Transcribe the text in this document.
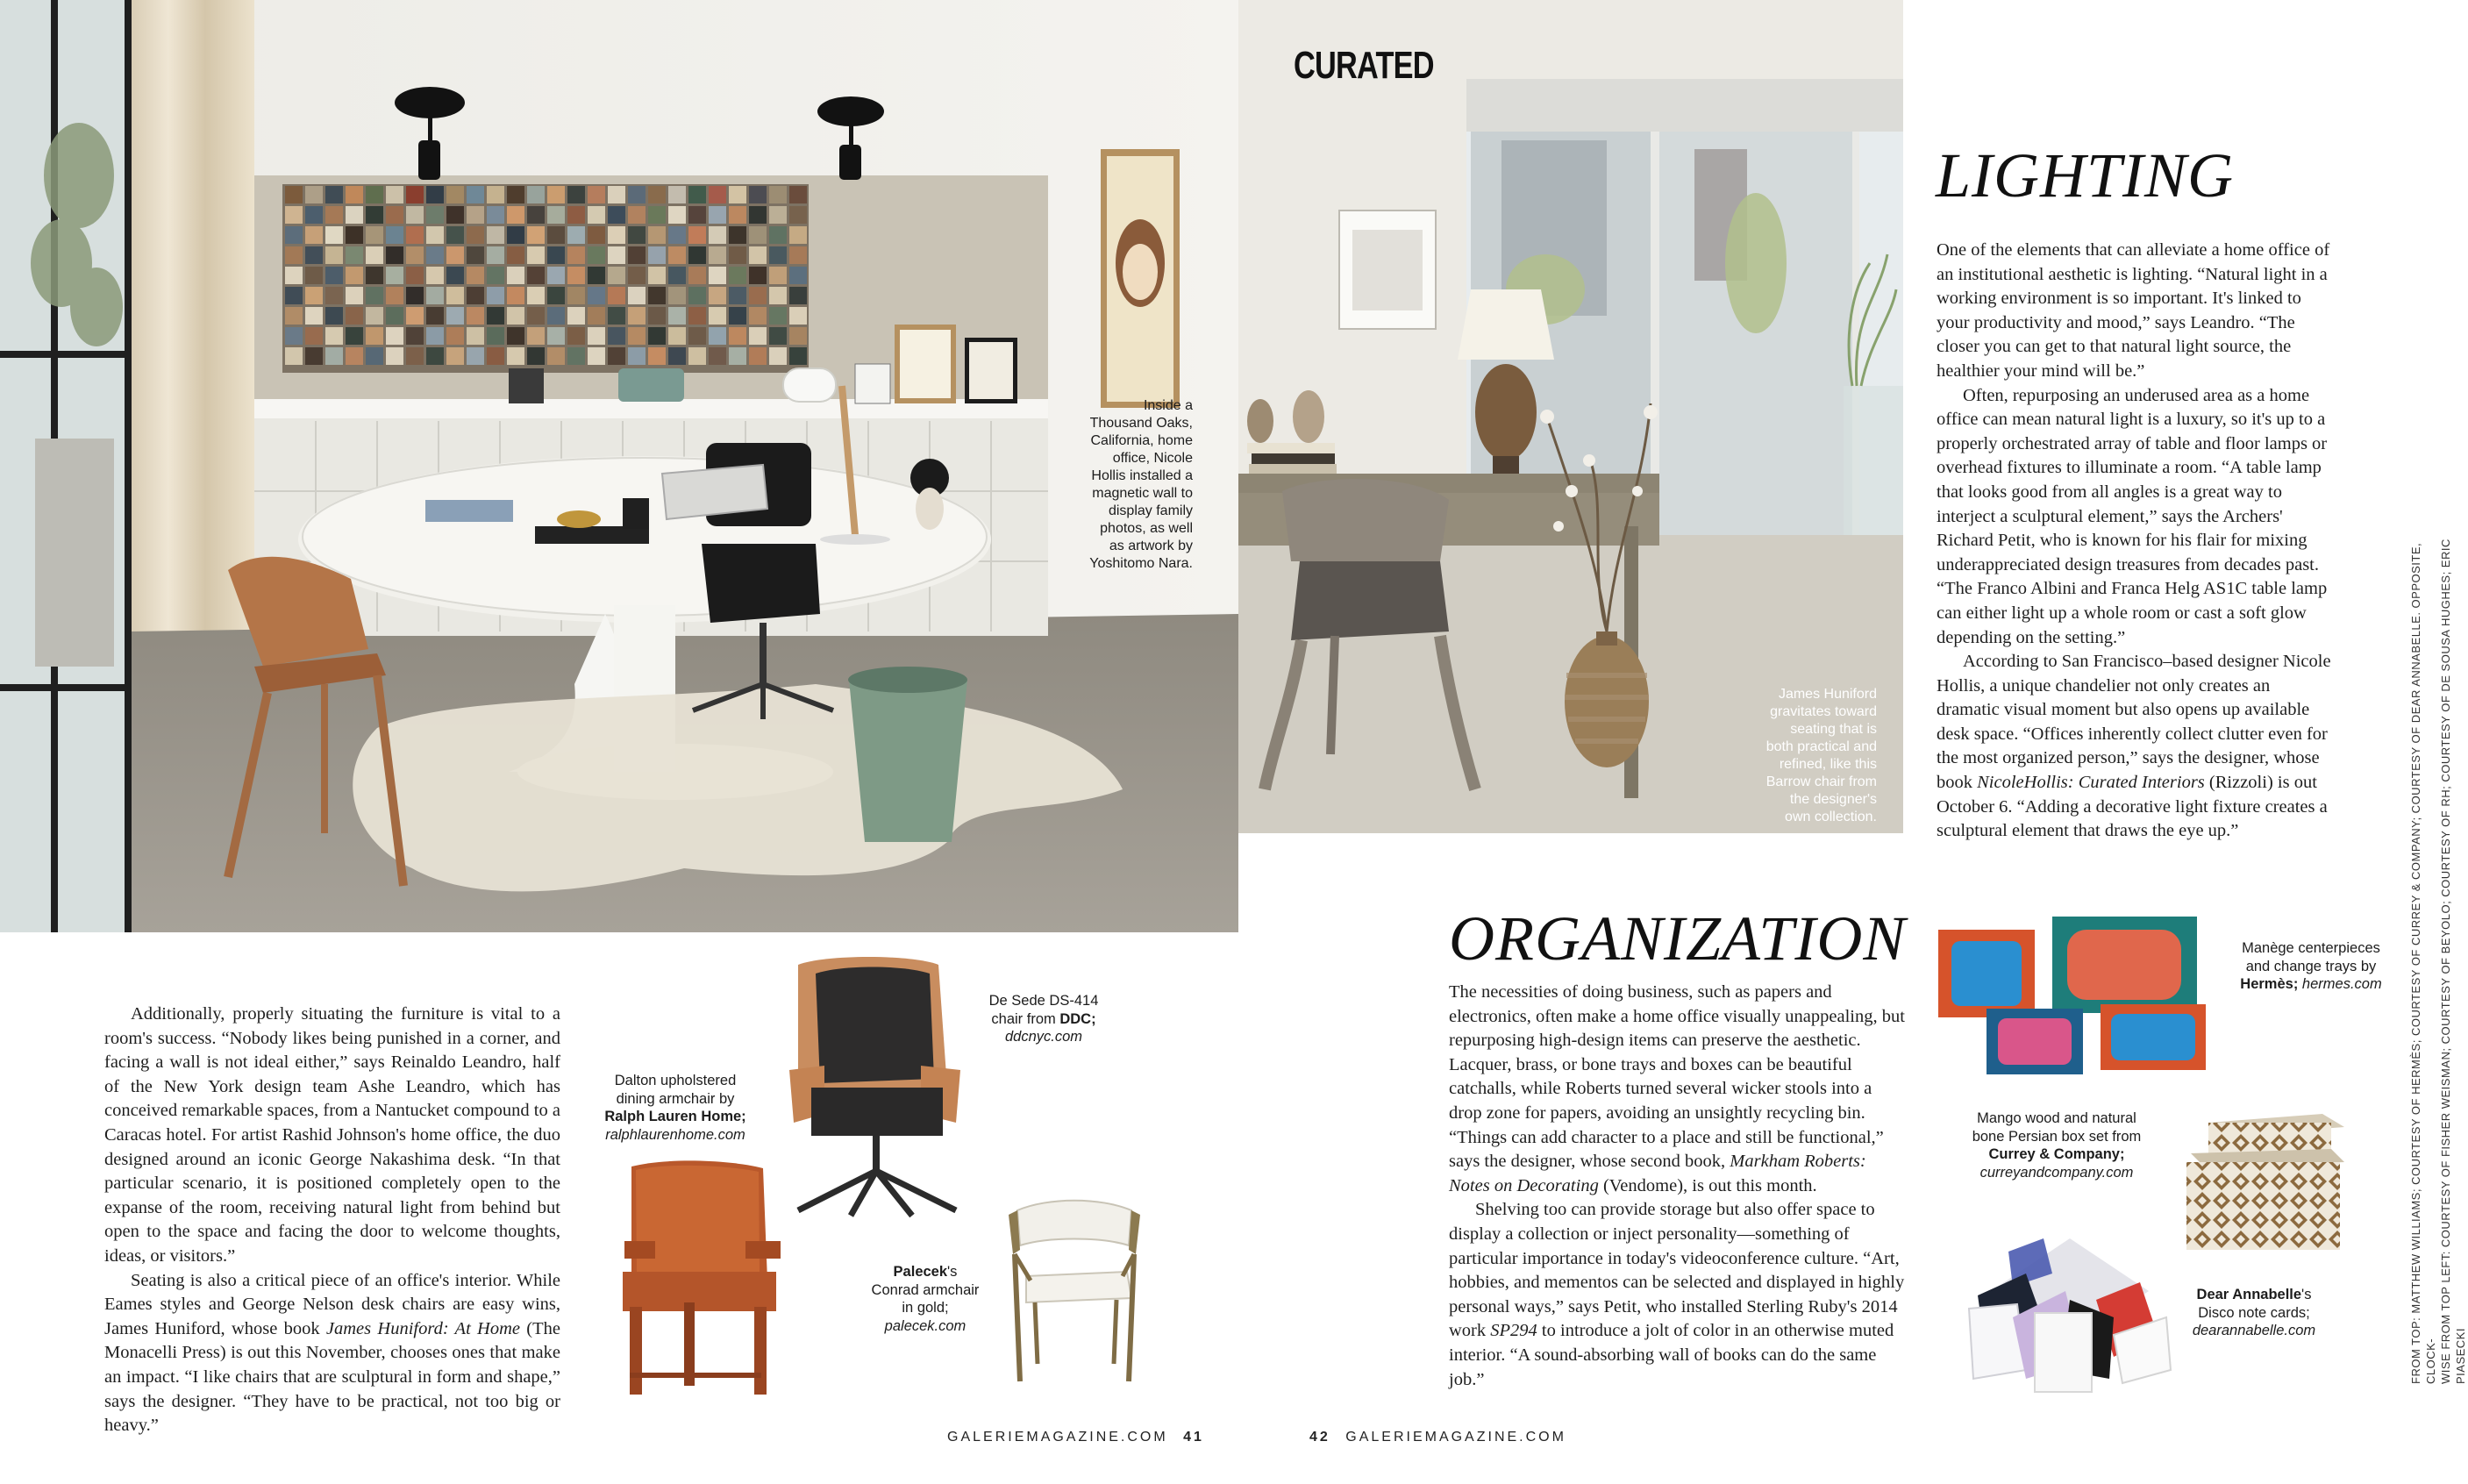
Inside a
Thousand Oaks,
California, home
office, Nicole
Hollis installed a
magnetic wall to
display family
photos, as well
as artwork by
Yoshitomo Nara.

Additionally, properly situating the furniture is vital to a room's success. “Nobody likes being punished in a corner, and facing a wall is not ideal either,” says Reinaldo Leandro, half of the New York design team Ashe Leandro, which has conceived remarkable spaces, from a Nantucket compound to a Caracas hotel. For artist Rashid Johnson's home office, the duo designed around an iconic George Nakashima desk. “In that particular scenario, it is positioned completely open to the expanse of the room, receiving natural light from behind but open to the space and facing the door to welcome thoughts, ideas, or visitors.”

Seating is also a critical piece of an office's interior. While Eames styles and George Nelson desk chairs are easy wins, James Huniford, whose book James Huniford: At Home (The Monacelli Press) is out this November, chooses ones that make an impact. “I like chairs that are sculptural in form and shape,” says the designer. “They have to be practical, not too big or heavy.”

Dalton upholstered
dining armchair by
Ralph Lauren Home;
ralphlaurenhome.com
De Sede DS-414
chair from DDC;
ddcnyc.com
Palecek's
Conrad armchair
in gold;
palecek.com
GALERIEMAGAZINE.COM 41
CURATED
James Huniford
gravitates toward
seating that is
both practical and
refined, like this
Barrow chair from
the designer's
own collection.
LIGHTING

One of the elements that can alleviate a home office of an institutional aesthetic is lighting. “Natural light in a working environment is so important. It's linked to your productivity and mood,” says Leandro. “The closer you can get to that natural light source, the healthier your mind will be.”

Often, repurposing an underused area as a home office can mean natural light is a luxury, so it's up to a properly orchestrated array of table and floor lamps or overhead fixtures to illuminate a room. “A table lamp that looks good from all angles is a great way to interject a sculptural element,” says the Archers' Richard Petit, who is known for his flair for mixing underappreciated design treasures from decades past. “The Franco Albini and Franca Helg AS1C table lamp can either light up a whole room or cast a soft glow depending on the setting.”

According to San Francisco–based designer Nicole Hollis, a unique chandelier not only creates an dramatic visual moment but also opens up available desk space. “Offices inherently collect clutter even for the most organized person,” says the designer, whose book NicoleHollis: Curated Interiors (Rizzoli) is out October 6. “Adding a decorative light fixture creates a sculptural element that draws the eye up.”

ORGANIZATION

The necessities of doing business, such as papers and electronics, often make a home office visually unappealing, but repurposing high-design items can preserve the aesthetic. Lacquer, brass, or bone trays and boxes can be beautiful catchalls, while Roberts turned several wicker stools into a drop zone for papers, avoiding an unsightly recycling bin. “Things can add character to a place and still be functional,” says the designer, whose second book, Markham Roberts: Notes on Decorating (Vendome), is out this month.

Shelving too can provide storage but also offer space to display a collection or inject personality—something of particular importance in today's videoconference culture. “Art, hobbies, and mementos can be selected and displayed in highly personal ways,” says Petit, who installed Sterling Ruby's 2014 work SP294 to introduce a jolt of color in an otherwise muted interior. “A sound-absorbing wall of books can do the same job.”

Manège centerpieces
and change trays by
Hermès; hermes.com
Mango wood and natural
bone Persian box set from
Currey & Company;
curreyandcompany.com
Dear Annabelle's
Disco note cards;
dearannabelle.com	FROM TOP: MATTHEW WILLIAMS; COURTESY OF HERMÈS; COURTESY OF CURREY & COMPANY; COURTESY OF DEAR ANNABELLE. OPPOSITE, CLOCK- WISE FROM TOP LEFT: COURTESY OF FISHER WEISMAN; COURTESY OF BEYOLO; COURTESY OF RH; COURTESY OF DE SOUSA HUGHES; ERIC PIASECKI
42 GALERIEMAGAZINE.COM
